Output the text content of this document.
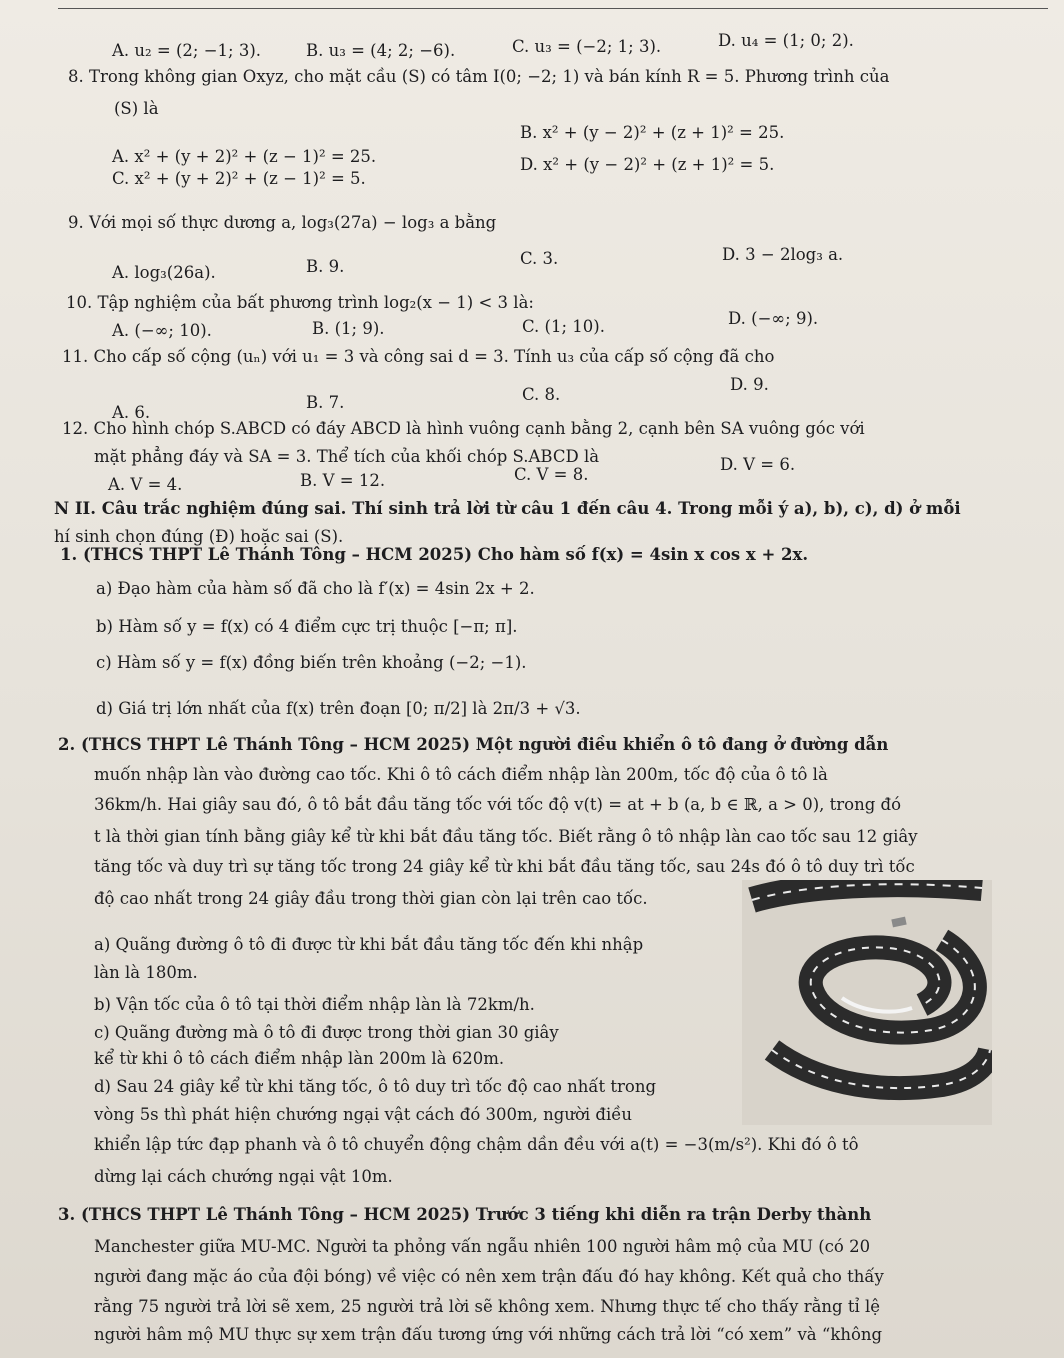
A. u₂ = (2; −1; 3).	B. u₃ = (4; 2; −6).	C. u₃ = (−2; 1; 3).	D. u₄ = (1; 0; 2).
8. Trong không gian Oxyz, cho mặt cầu (S) có tâm I(0; −2; 1) và bán kính R = 5. Phương trình của
(S) là
A. x² + (y + 2)² + (z − 1)² = 25.
B. x² + (y − 2)² + (z + 1)² = 25.
C. x² + (y + 2)² + (z − 1)² = 5.
D. x² + (y − 2)² + (z + 1)² = 5.
9. Với mọi số thực dương a, log₃(27a) − log₃ a bằng
A. log₃(26a).	B. 9.	C. 3.	D. 3 − 2log₃ a.
10. Tập nghiệm của bất phương trình log₂(x − 1) < 3 là:
A. (−∞; 10).	B. (1; 9).	C. (1; 10).	D. (−∞; 9).
11. Cho cấp số cộng (uₙ) với u₁ = 3 và công sai d = 3. Tính u₃ của cấp số cộng đã cho
A. 6.
B. 7.	C. 8.
D. 9.
12. Cho hình chóp S.ABCD có đáy ABCD là hình vuông cạnh bằng 2, cạnh bên SA vuông góc với
mặt phẳng đáy và SA = 3. Thể tích của khối chóp S.ABCD là
A. V = 4.	B. V = 12.	C. V = 8.
D. V = 6.
N II. Câu trắc nghiệm đúng sai. Thí sinh trả lời từ câu 1 đến câu 4. Trong mỗi ý a), b), c), d) ở mỗi
hí sinh chọn đúng (Đ) hoặc sai (S).
1. (THCS THPT Lê Thánh Tông – HCM 2025) Cho hàm số f(x) = 4sin x cos x + 2x.
a) Đạo hàm của hàm số đã cho là f′(x) = 4sin 2x + 2.
b) Hàm số y = f(x) có 4 điểm cực trị thuộc [−π; π].
c) Hàm số y = f(x) đồng biến trên khoảng (−2; −1).
d) Giá trị lớn nhất của f(x) trên đoạn [0; π/2] là 2π/3 + √3.
2. (THCS THPT Lê Thánh Tông – HCM 2025) Một người điều khiển ô tô đang ở đường dẫn
muốn nhập làn vào đường cao tốc. Khi ô tô cách điểm nhập làn 200m, tốc độ của ô tô là
36km/h. Hai giây sau đó, ô tô bắt đầu tăng tốc với tốc độ v(t) = at + b (a, b ∈ ℝ, a > 0), trong đó
t là thời gian tính bằng giây kể từ khi bắt đầu tăng tốc. Biết rằng ô tô nhập làn cao tốc sau 12 giây
tăng tốc và duy trì sự tăng tốc trong 24 giây kể từ khi bắt đầu tăng tốc, sau 24s đó ô tô duy trì tốc
độ cao nhất trong 24 giây đầu trong thời gian còn lại trên cao tốc.
a) Quãng đường ô tô đi được từ khi bắt đầu tăng tốc đến khi nhập
làn là 180m.
b) Vận tốc của ô tô tại thời điểm nhập làn là 72km/h.
c) Quãng đường mà ô tô đi được trong thời gian 30 giây
kể từ khi ô tô cách điểm nhập làn 200m là 620m.
d) Sau 24 giây kể từ khi tăng tốc, ô tô duy trì tốc độ cao nhất trong
vòng 5s thì phát hiện chướng ngại vật cách đó 300m, người điều
khiển lập tức đạp phanh và ô tô chuyển động chậm dần đều với a(t) = −3(m/s²). Khi đó ô tô
dừng lại cách chướng ngại vật 10m.
3. (THCS THPT Lê Thánh Tông – HCM 2025) Trước 3 tiếng khi diễn ra trận Derby thành
Manchester giữa MU-MC. Người ta phỏng vấn ngẫu nhiên 100 người hâm mộ của MU (có 20
người đang mặc áo của đội bóng) về việc có nên xem trận đấu đó hay không. Kết quả cho thấy
rằng 75 người trả lời sẽ xem, 25 người trả lời sẽ không xem. Nhưng thực tế cho thấy rằng tỉ lệ
người hâm mộ MU thực sự xem trận đấu tương ứng với những cách trả lời “có xem” và “không
